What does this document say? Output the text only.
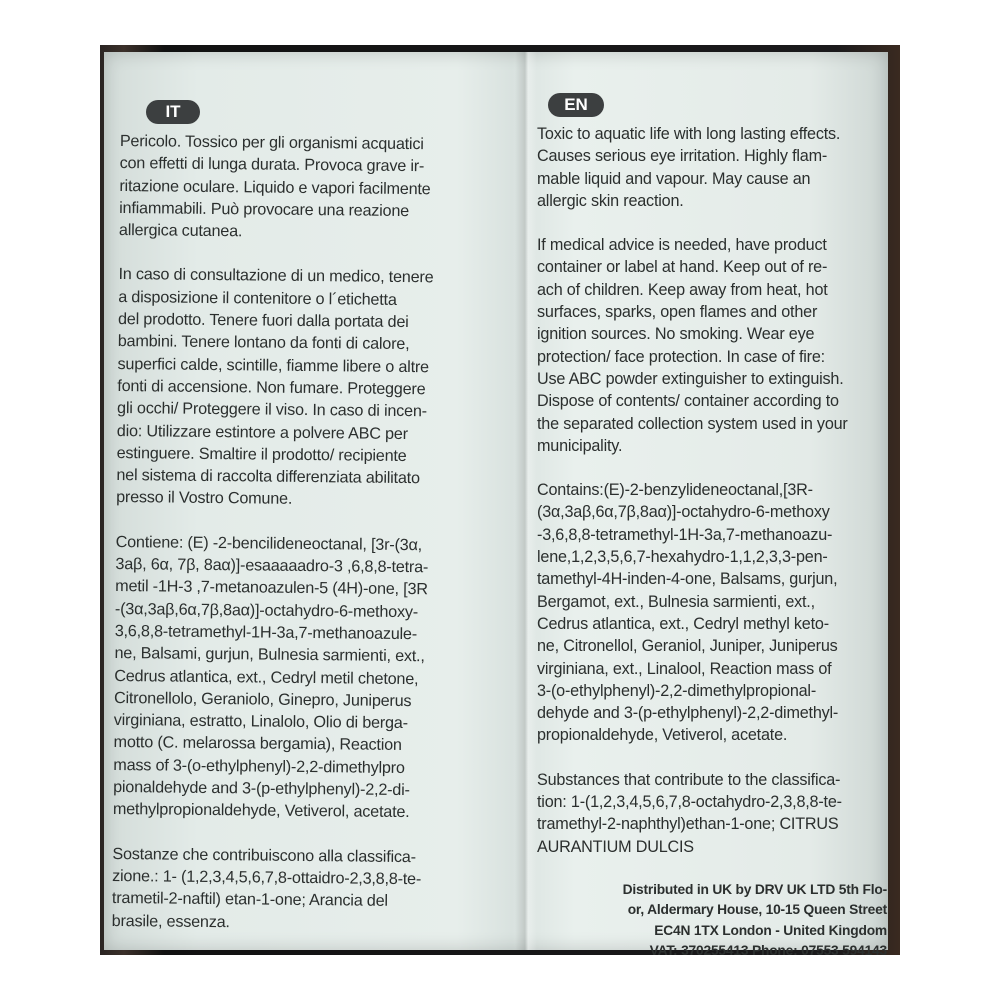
IT	EN

Pericolo. Tossico per gli organismi acquatici

con effetti di lunga durata. Provoca grave ir-

ritazione oculare. Liquido e vapori facilmente

infiammabili. Può provocare una reazione

allergica cutanea.

In caso di consultazione di un medico, tenere

a disposizione il contenitore o l´etichetta

del prodotto. Tenere fuori dalla portata dei

bambini. Tenere lontano da fonti di calore,

superfici calde, scintille, fiamme libere o altre

fonti di accensione. Non fumare. Proteggere

gli occhi/ Proteggere il viso. In caso di incen-

dio: Utilizzare estintore a polvere ABC per

estinguere. Smaltire il prodotto/ recipiente

nel sistema di raccolta differenziata abilitato

presso il Vostro Comune.

Contiene: (E) -2-bencilideneoctanal, [3r-(3α,

3aβ, 6α, 7β, 8aα)]-esaaaaadro-3 ,6,8,8-tetra-

metil -1H-3 ,7-metanoazulen-5 (4H)-one, [3R

-(3α,3aβ,6α,7β,8aα)]-octahydro-6-methoxy-

3,6,8,8-tetramethyl-1H-3a,7-methanoazule-

ne, Balsami, gurjun, Bulnesia sarmienti, ext.,

Cedrus atlantica, ext., Cedryl metil chetone,

Citronellolo, Geraniolo, Ginepro, Juniperus

virginiana, estratto, Linalolo, Olio di berga-

motto (C. melarossa bergamia), Reaction

mass of 3-(o-ethylphenyl)-2,2-dimethylpro

pionaldehyde and 3-(p-ethylphenyl)-2,2-di-

methylpropionaldehyde, Vetiverol, acetate.

Sostanze che contribuiscono alla classifica-

zione.: 1- (1,2,3,4,5,6,7,8-ottaidro-2,3,8,8-te-

trametil-2-naftil) etan-1-one; Arancia del

brasile, essenza.

Toxic to aquatic life with long lasting effects.

Causes serious eye irritation. Highly flam-

mable liquid and vapour. May cause an

allergic skin reaction.

If medical advice is needed, have product

container or label at hand. Keep out of re-

ach of children. Keep away from heat, hot

surfaces, sparks, open flames and other

ignition sources. No smoking. Wear eye

protection/ face protection. In case of fire:

Use ABC powder extinguisher to extinguish.

Dispose of contents/ container according to

the separated collection system used in your

municipality.

Contains:(E)-2-benzylideneoctanal,[3R-

(3α,3aβ,6α,7β,8aα)]-octahydro-6-methoxy

-3,6,8,8-tetramethyl-1H-3a,7-methanoazu-

lene,1,2,3,5,6,7-hexahydro-1,1,2,3,3-pen-

tamethyl-4H-inden-4-one, Balsams, gurjun,

Bergamot, ext., Bulnesia sarmienti, ext.,

Cedrus atlantica, ext., Cedryl methyl keto-

ne, Citronellol, Geraniol, Juniper, Juniperus

virginiana, ext., Linalool, Reaction mass of

3-(o-ethylphenyl)-2,2-dimethylpropional-

dehyde and 3-(p-ethylphenyl)-2,2-dimethyl-

propionaldehyde, Vetiverol, acetate.

Substances that contribute to the classifica-

tion: 1-(1,2,3,4,5,6,7,8-octahydro-2,3,8,8-te-

tramethyl-2-naphthyl)ethan-1-one; CITRUS

AURANTIUM DULCIS

Distributed in UK by DRV UK LTD 5th Flo-

or, Aldermary House, 10-15 Queen Street

EC4N 1TX London - United Kingdom

VAT: 370255413 Phone: 07553 594143
